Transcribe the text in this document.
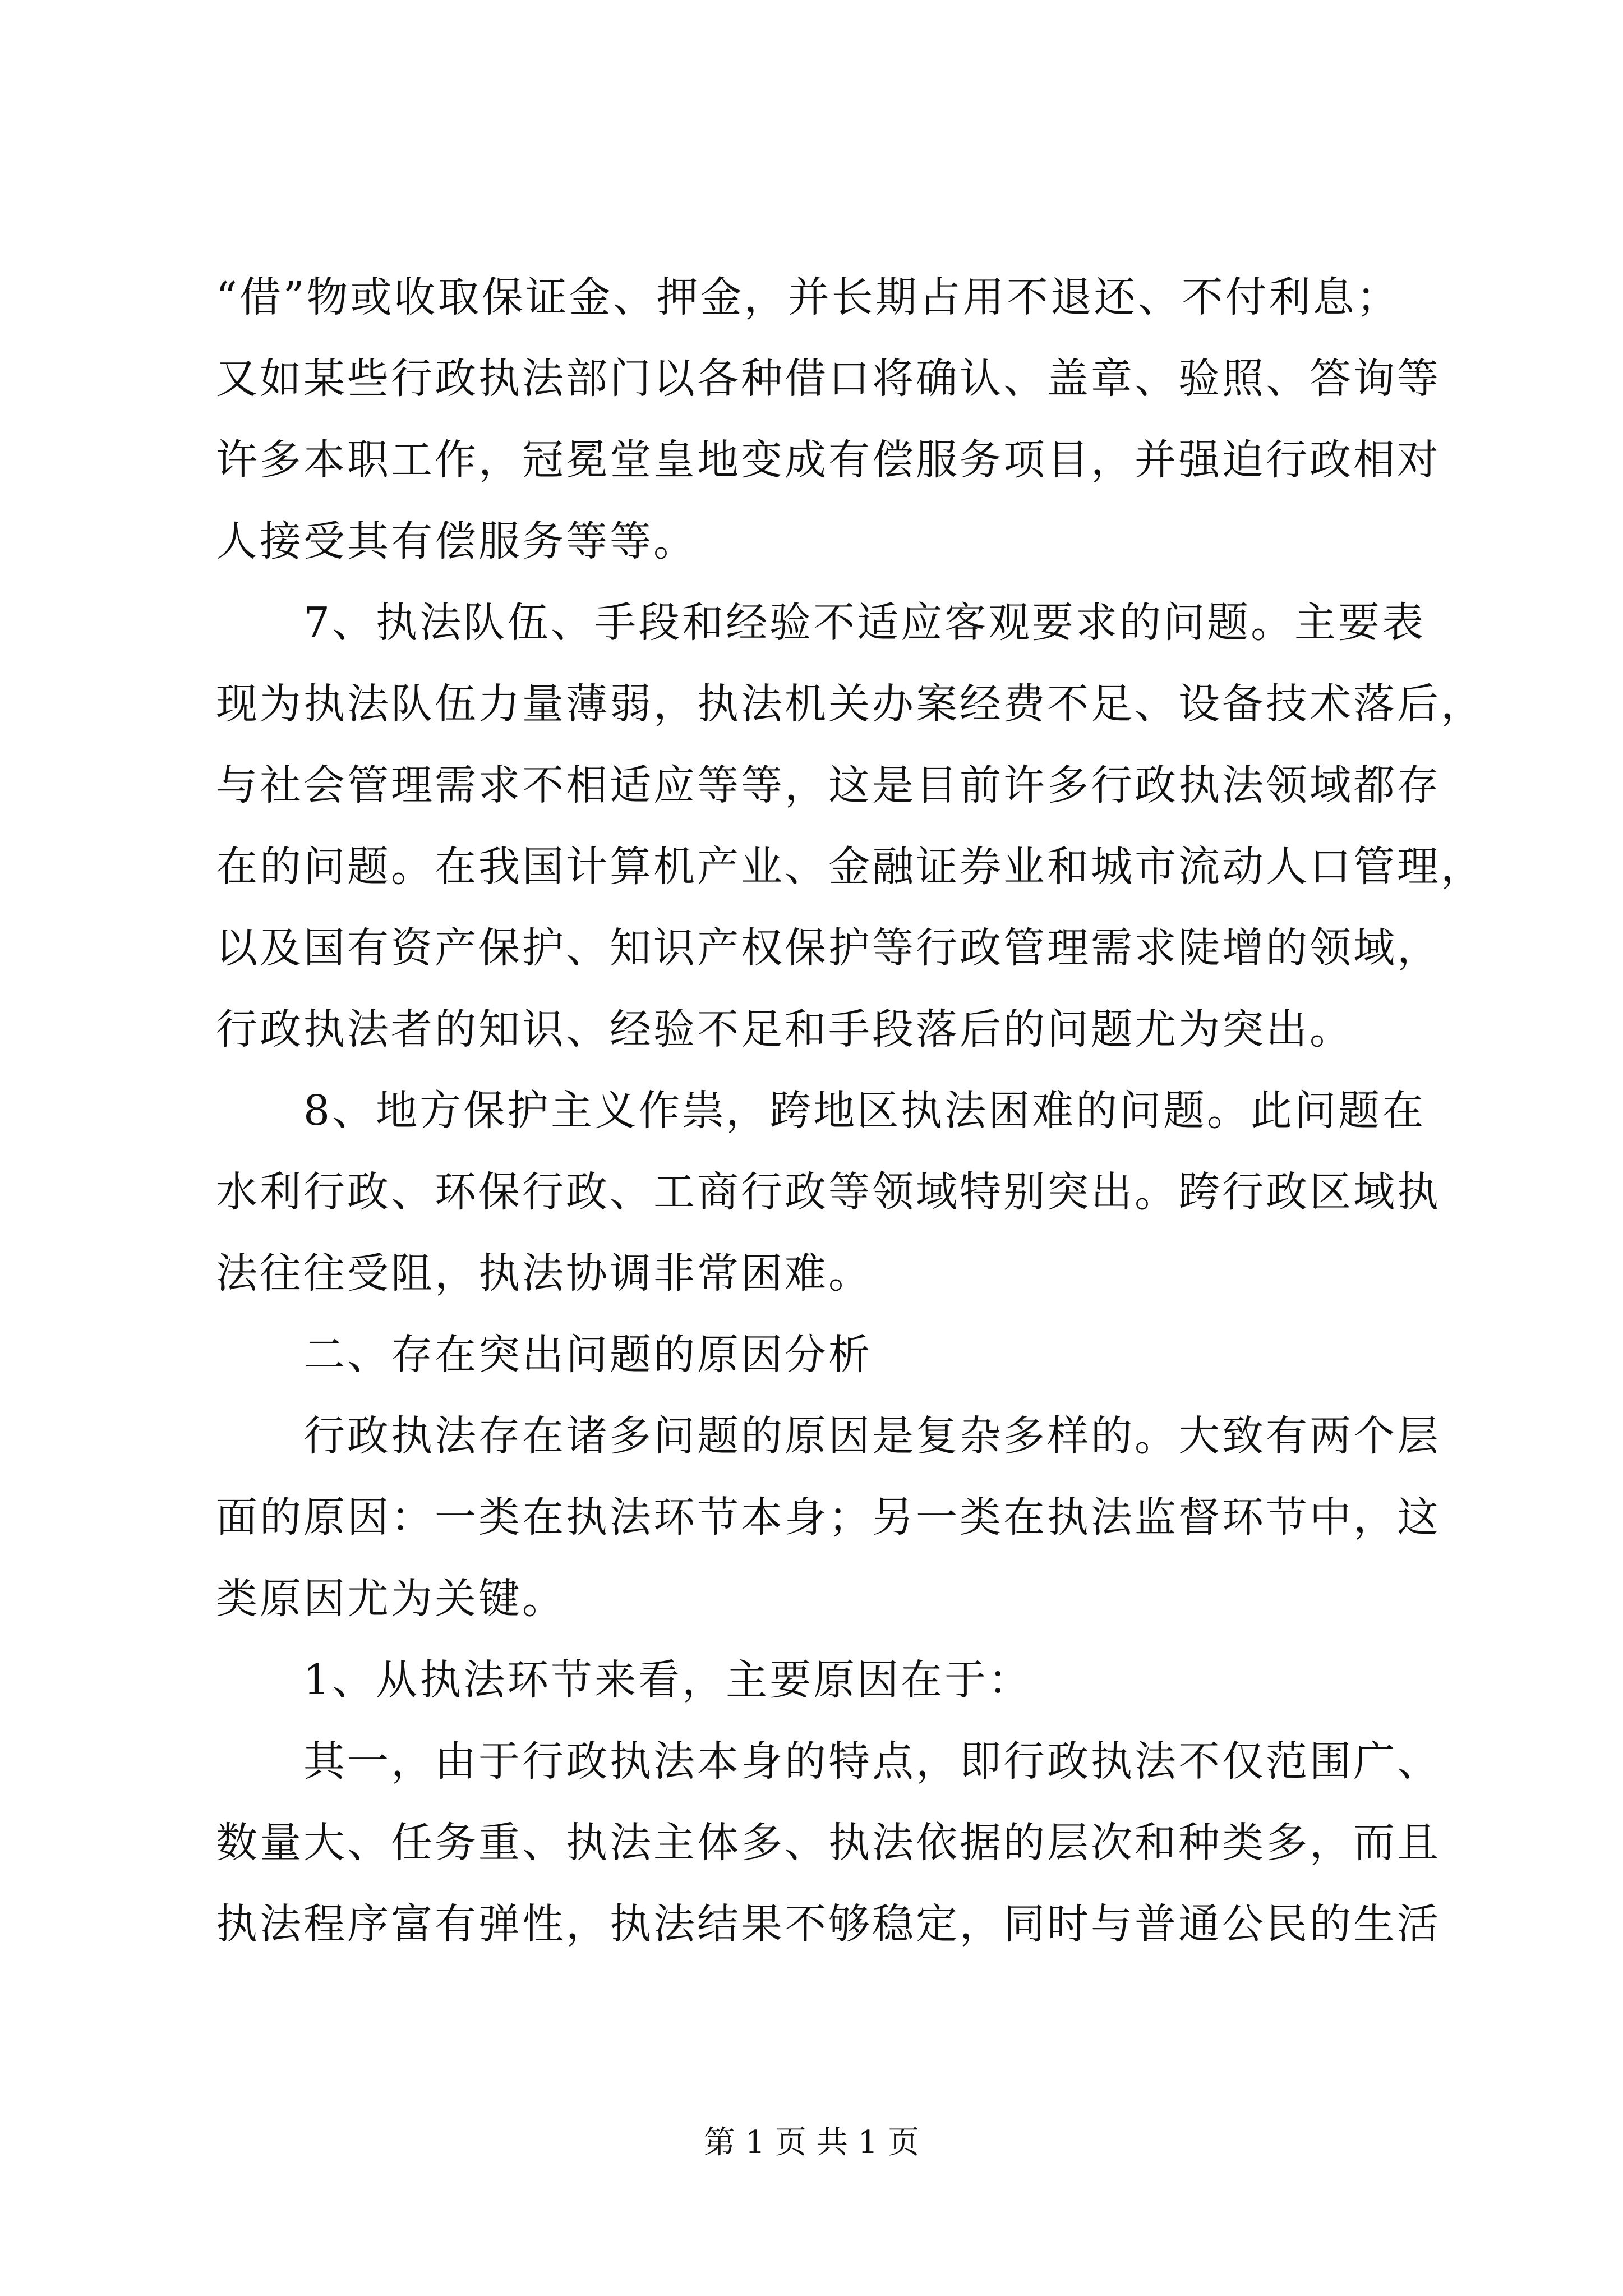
“借”物或收取保证金、押金，并长期占用不退还、不付利息；
又如某些行政执法部门以各种借口将确认、盖章、验照、答询等
许多本职工作，冠冕堂皇地变成有偿服务项目，并强迫行政相对
人接受其有偿服务等等。
　　7、执法队伍、手段和经验不适应客观要求的问题。主要表
现为执法队伍力量薄弱，执法机关办案经费不足、设备技术落后，
与社会管理需求不相适应等等，这是目前许多行政执法领域都存
在的问题。在我国计算机产业、金融证券业和城市流动人口管理，
以及国有资产保护、知识产权保护等行政管理需求陡增的领域，
行政执法者的知识、经验不足和手段落后的问题尤为突出。
　　8、地方保护主义作祟，跨地区执法困难的问题。此问题在
水利行政、环保行政、工商行政等领域特别突出。跨行政区域执
法往往受阻，执法协调非常困难。
　　二、存在突出问题的原因分析
　　行政执法存在诸多问题的原因是复杂多样的。大致有两个层
面的原因：一类在执法环节本身；另一类在执法监督环节中，这
类原因尤为关键。
　　1、从执法环节来看，主要原因在于：
　　其一，由于行政执法本身的特点，即行政执法不仅范围广、
数量大、任务重、执法主体多、执法依据的层次和种类多，而且
执法程序富有弹性，执法结果不够稳定，同时与普通公民的生活
第 1 页 共 1 页
